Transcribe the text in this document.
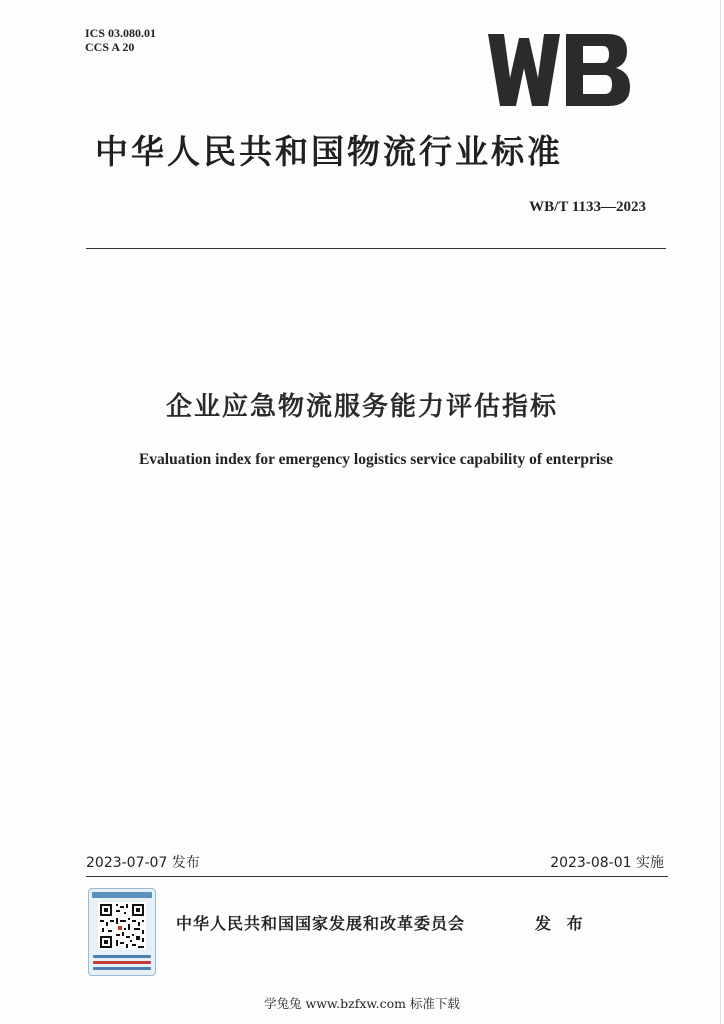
ICS 03.080.01
CCS A 20
中华人民共和国物流行业标准
WB/T 1133—2023
企业应急物流服务能力评估指标
Evaluation index for emergency logistics service capability of enterprise
2023-07-07 发布	2023-08-01 实施
中华人民共和国国家发展和改革委员会	发 布
学兔兔 www.bzfxw.com 标准下载
